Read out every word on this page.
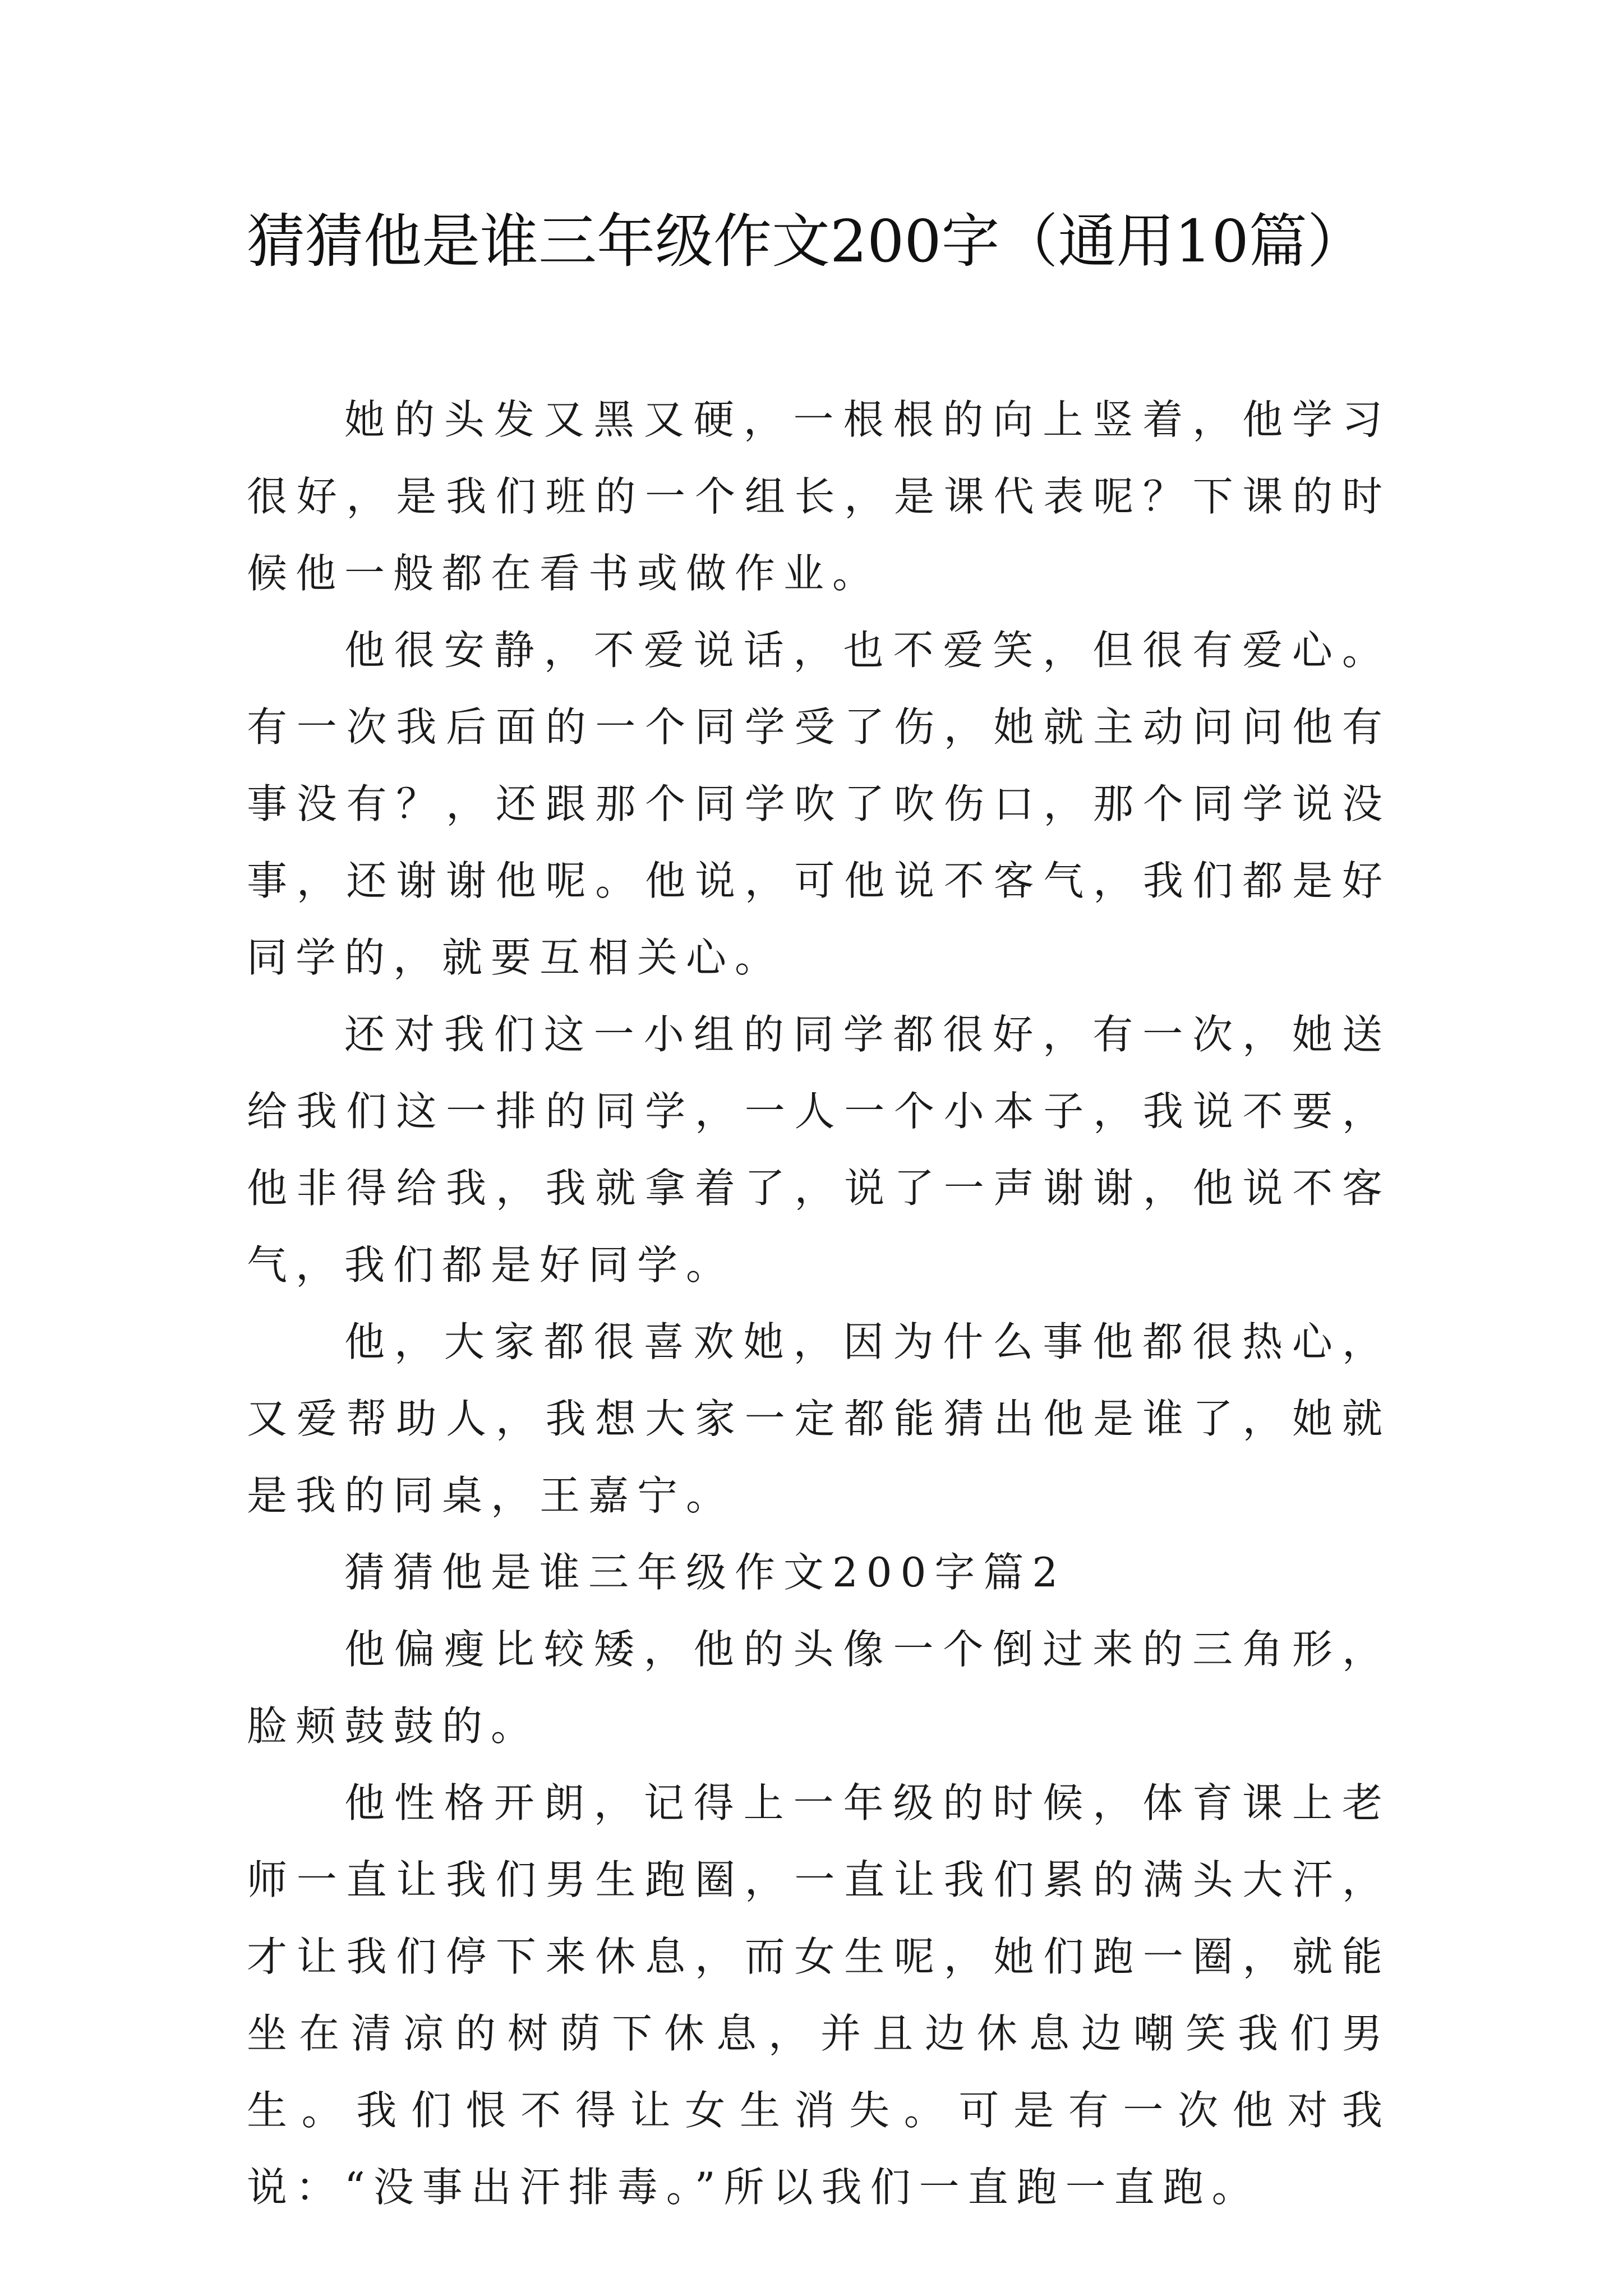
猜猜他是谁三年级作文200字（通用10篇）

她的头发又黑又硬，一根根的向上竖着，他学习很好，是我们班的一个组长，是课代表呢？下课的时候他一般都在看书或做作业。

他很安静，不爱说话，也不爱笑，但很有爱心。有一次我后面的一个同学受了伤，她就主动问问他有事没有？，还跟那个同学吹了吹伤口，那个同学说没事，还谢谢他呢。他说，可他说不客气，我们都是好同学的，就要互相关心。

还对我们这一小组的同学都很好，有一次，她送给我们这一排的同学，一人一个小本子，我说不要，他非得给我，我就拿着了，说了一声谢谢，他说不客气，我们都是好同学。

他，大家都很喜欢她，因为什么事他都很热心，又爱帮助人，我想大家一定都能猜出他是谁了，她就是我的同桌，王嘉宁。

猜猜他是谁三年级作文200字篇2

他偏瘦比较矮，他的头像一个倒过来的三角形，脸颊鼓鼓的。

他性格开朗，记得上一年级的时候，体育课上老师一直让我们男生跑圈，一直让我们累的满头大汗，才让我们停下来休息，而女生呢，她们跑一圈，就能坐在清凉的树荫下休息，并且边休息边嘲笑我们男生。我们恨不得让女生消失。可是有一次他对我说：“没事出汗排毒。”所以我们一直跑一直跑。
